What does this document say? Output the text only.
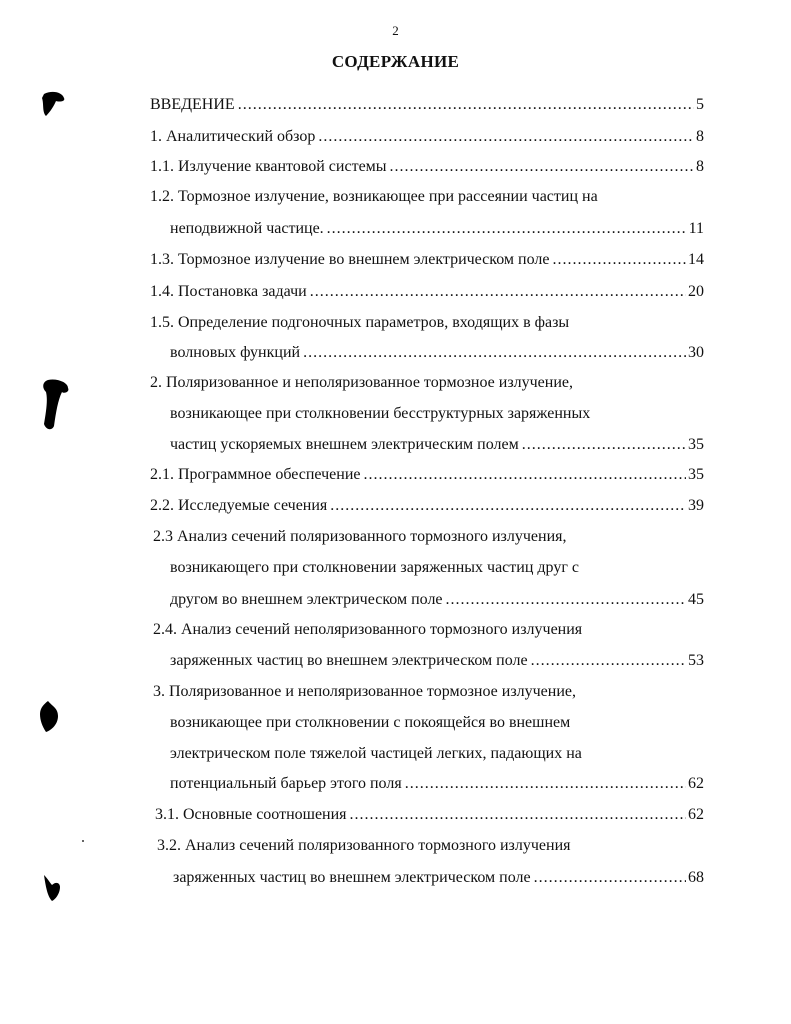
2
СОДЕРЖАНИЕ
ВВЕДЕНИЕ .....	5
1. Аналитический обзор .....	8
1.1. Излучение квантовой системы .....	8
1.2. Тормозное излучение, возникающее при рассеянии частиц на
неподвижной частице. .....	11
1.3. Тормозное излучение во внешнем электрическом поле .....	14
1.4. Постановка задачи .....	20
1.5. Определение подгоночных параметров, входящих в фазы
волновых функций .....	30
2. Поляризованное и неполяризованное тормозное излучение,
возникающее при столкновении бесструктурных заряженных
частиц ускоряемых внешнем электрическим полем .....	35
2.1. Программное обеспечение .....	35
2.2. Исследуемые сечения .....	39
2.3 Анализ сечений поляризованного тормозного излучения,
возникающего при столкновении заряженных частиц друг с
другом во внешнем электрическом поле .....	45
2.4. Анализ сечений неполяризованного тормозного излучения
заряженных частиц во внешнем электрическом поле .....	53
3. Поляризованное и неполяризованное тормозное излучение,
возникающее при столкновении с покоящейся во внешнем
электрическом поле тяжелой частицей легких, падающих на
потенциальный барьер этого поля .....	62
3.1. Основные соотношения .....	62
3.2. Анализ сечений поляризованного тормозного излучения
заряженных частиц во внешнем электрическом поле .....	68
